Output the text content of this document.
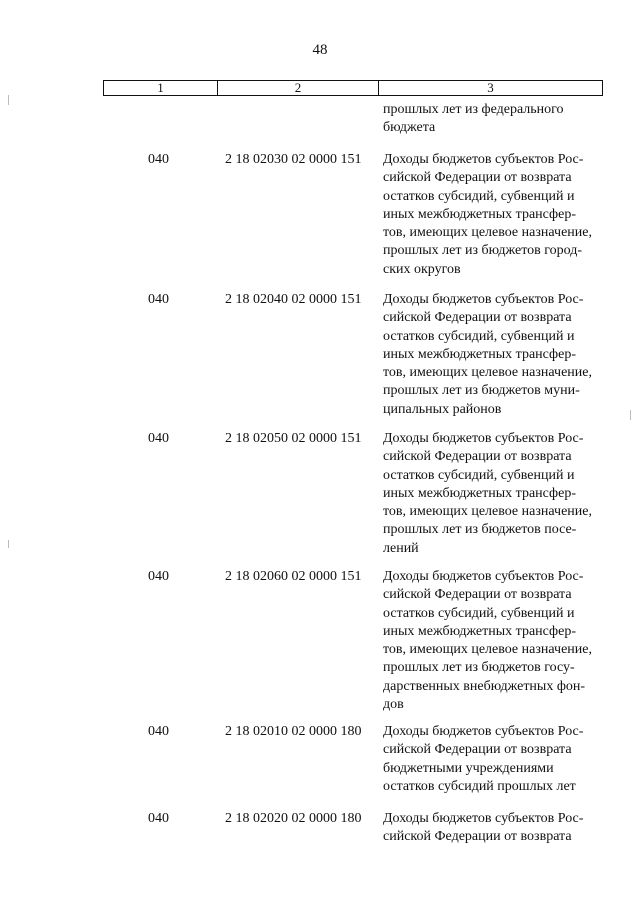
48
1	2	3
прошлых лет из федерального
бюджета
040	2 18 02030 02 0000 151 Доходы бюджетов субъектов Рос-
сийской Федерации от возврата
остатков субсидий, субвенций и
иных межбюджетных трансфер-
тов, имеющих целевое назначение,
прошлых лет из бюджетов город-
ских округов
040	2 18 02040 02 0000 151 Доходы бюджетов субъектов Рос-
сийской Федерации от возврата
остатков субсидий, субвенций и
иных межбюджетных трансфер-
тов, имеющих целевое назначение,
прошлых лет из бюджетов муни-
ципальных районов
040	2 18 02050 02 0000 151 Доходы бюджетов субъектов Рос-
сийской Федерации от возврата
остатков субсидий, субвенций и
иных межбюджетных трансфер-
тов, имеющих целевое назначение,
прошлых лет из бюджетов посе-
лений
040	2 18 02060 02 0000 151 Доходы бюджетов субъектов Рос-
сийской Федерации от возврата
остатков субсидий, субвенций и
иных межбюджетных трансфер-
тов, имеющих целевое назначение,
прошлых лет из бюджетов госу-
дарственных внебюджетных фон-
дов
040	2 18 02010 02 0000 180 Доходы бюджетов субъектов Рос-
сийской Федерации от возврата
бюджетными учреждениями
остатков субсидий прошлых лет
040	2 18 02020 02 0000 180 Доходы бюджетов субъектов Рос-
сийской Федерации от возврата
